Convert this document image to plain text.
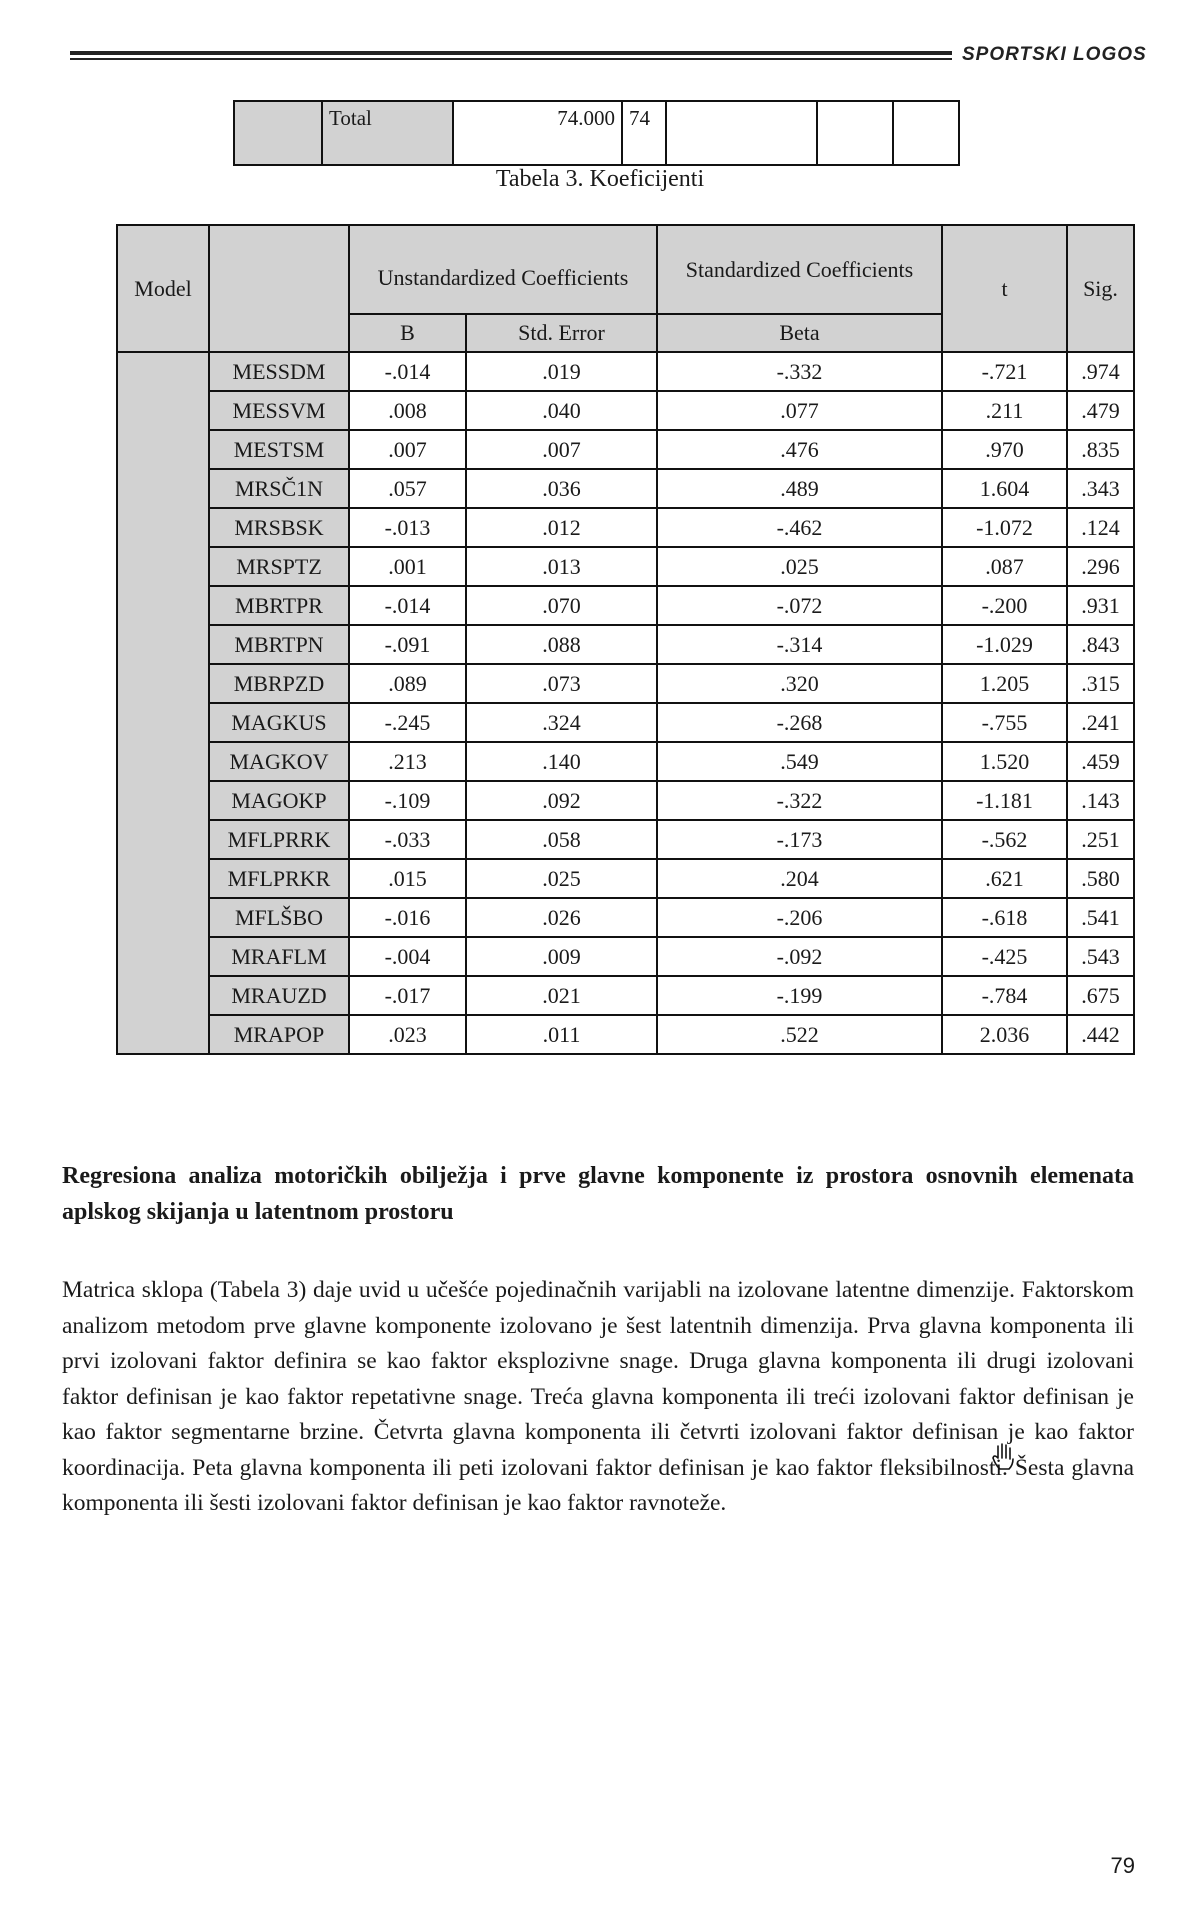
SPORTSKI LOGOS
	Total	74.000	74			
Tabela 3. Koeficijenti
Model		Unstandardized Coefficients		Standardized Coefficients	t	Sig.
		B	Std. Error	Beta		
	MESSDM	-.014	.019	-.332	-.721	.974
	MESSVM	.008	.040	.077	.211	.479
	MESTSM	.007	.007	.476	.970	.835
	MRSČ1N	.057	.036	.489	1.604	.343
	MRSBSK	-.013	.012	-.462	-1.072	.124
	MRSPTZ	.001	.013	.025	.087	.296
	MBRTPR	-.014	.070	-.072	-.200	.931
	MBRTPN	-.091	.088	-.314	-1.029	.843
	MBRPZD	.089	.073	.320	1.205	.315
	MAGKUS	-.245	.324	-.268	-.755	.241
	MAGKOV	.213	.140	.549	1.520	.459
	MAGOKP	-.109	.092	-.322	-1.181	.143
	MFLPRRK	-.033	.058	-.173	-.562	.251
	MFLPRKR	.015	.025	.204	.621	.580
	MFLŠBO	-.016	.026	-.206	-.618	.541
	MRAFLM	-.004	.009	-.092	-.425	.543
	MRAUZD	-.017	.021	-.199	-.784	.675
	MRAPOP	.023	.011	.522	2.036	.442
Regresiona analiza motoričkih obilježja i prve glavne komponente iz prostora osnovnih elemenata aplskog skijanja u latentnom prostoru
Matrica sklopa (Tabela 3) daje uvid u učešće pojedinačnih varijabli na izolovane latentne dimenzije. Faktorskom analizom metodom prve glavne komponente izolovano je šest latentnih dimenzija. Prva glavna komponenta ili prvi izolovani faktor definira se kao faktor eksplozivne snage. Druga glavna komponenta ili drugi izolovani faktor definisan je kao faktor repetativne snage. Treća glavna komponenta ili treći izolovani faktor definisan je kao faktor segmentarne brzine. Četvrta glavna komponenta ili četvrti izolovani faktor definisan je kao faktor koordinacija. Peta glavna komponenta ili peti izolovani faktor definisan je kao faktor fleksibilnosti. Šesta glavna komponenta ili šesti izolovani faktor definisan je kao faktor ravnoteže.
79
